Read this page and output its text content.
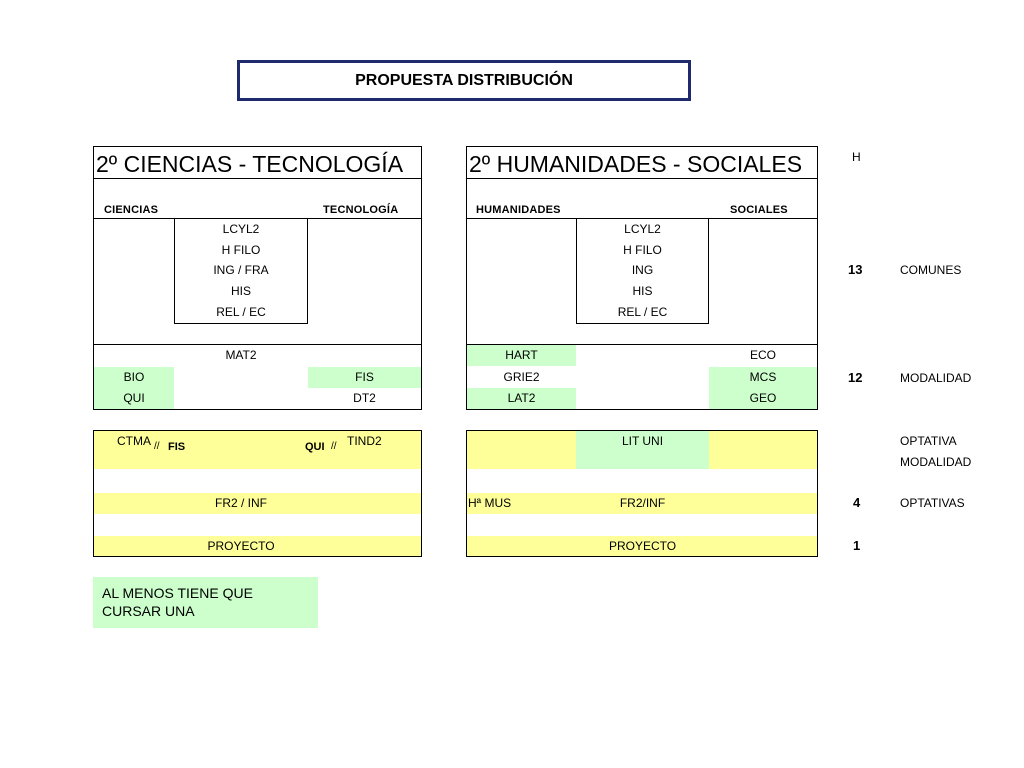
PROPUESTA DISTRIBUCIÓN
2º CIENCIAS - TECNOLOGÍA
CIENCIAS	TECNOLOGÍA
LCYL2
H FILO
ING / FRA
HIS
REL / EC
MAT2
BIO	FIS
QUI	DT2
CTMA // FIS	QUI // TIND2
FR2 / INF
PROYECTO
2º HUMANIDADES - SOCIALES
HUMANIDADES	SOCIALES
LCYL2
H FILO
ING
HIS
REL / EC
HART	ECO
GRIE2	MCS
LAT2	GEO
LIT UNI
Hª MUS	FR2/INF
PROYECTO
H
13	COMUNES
12	MODALIDAD
OPTATIVA
MODALIDAD
4	OPTATIVAS
1
AL MENOS TIENE QUE
CURSAR UNA
